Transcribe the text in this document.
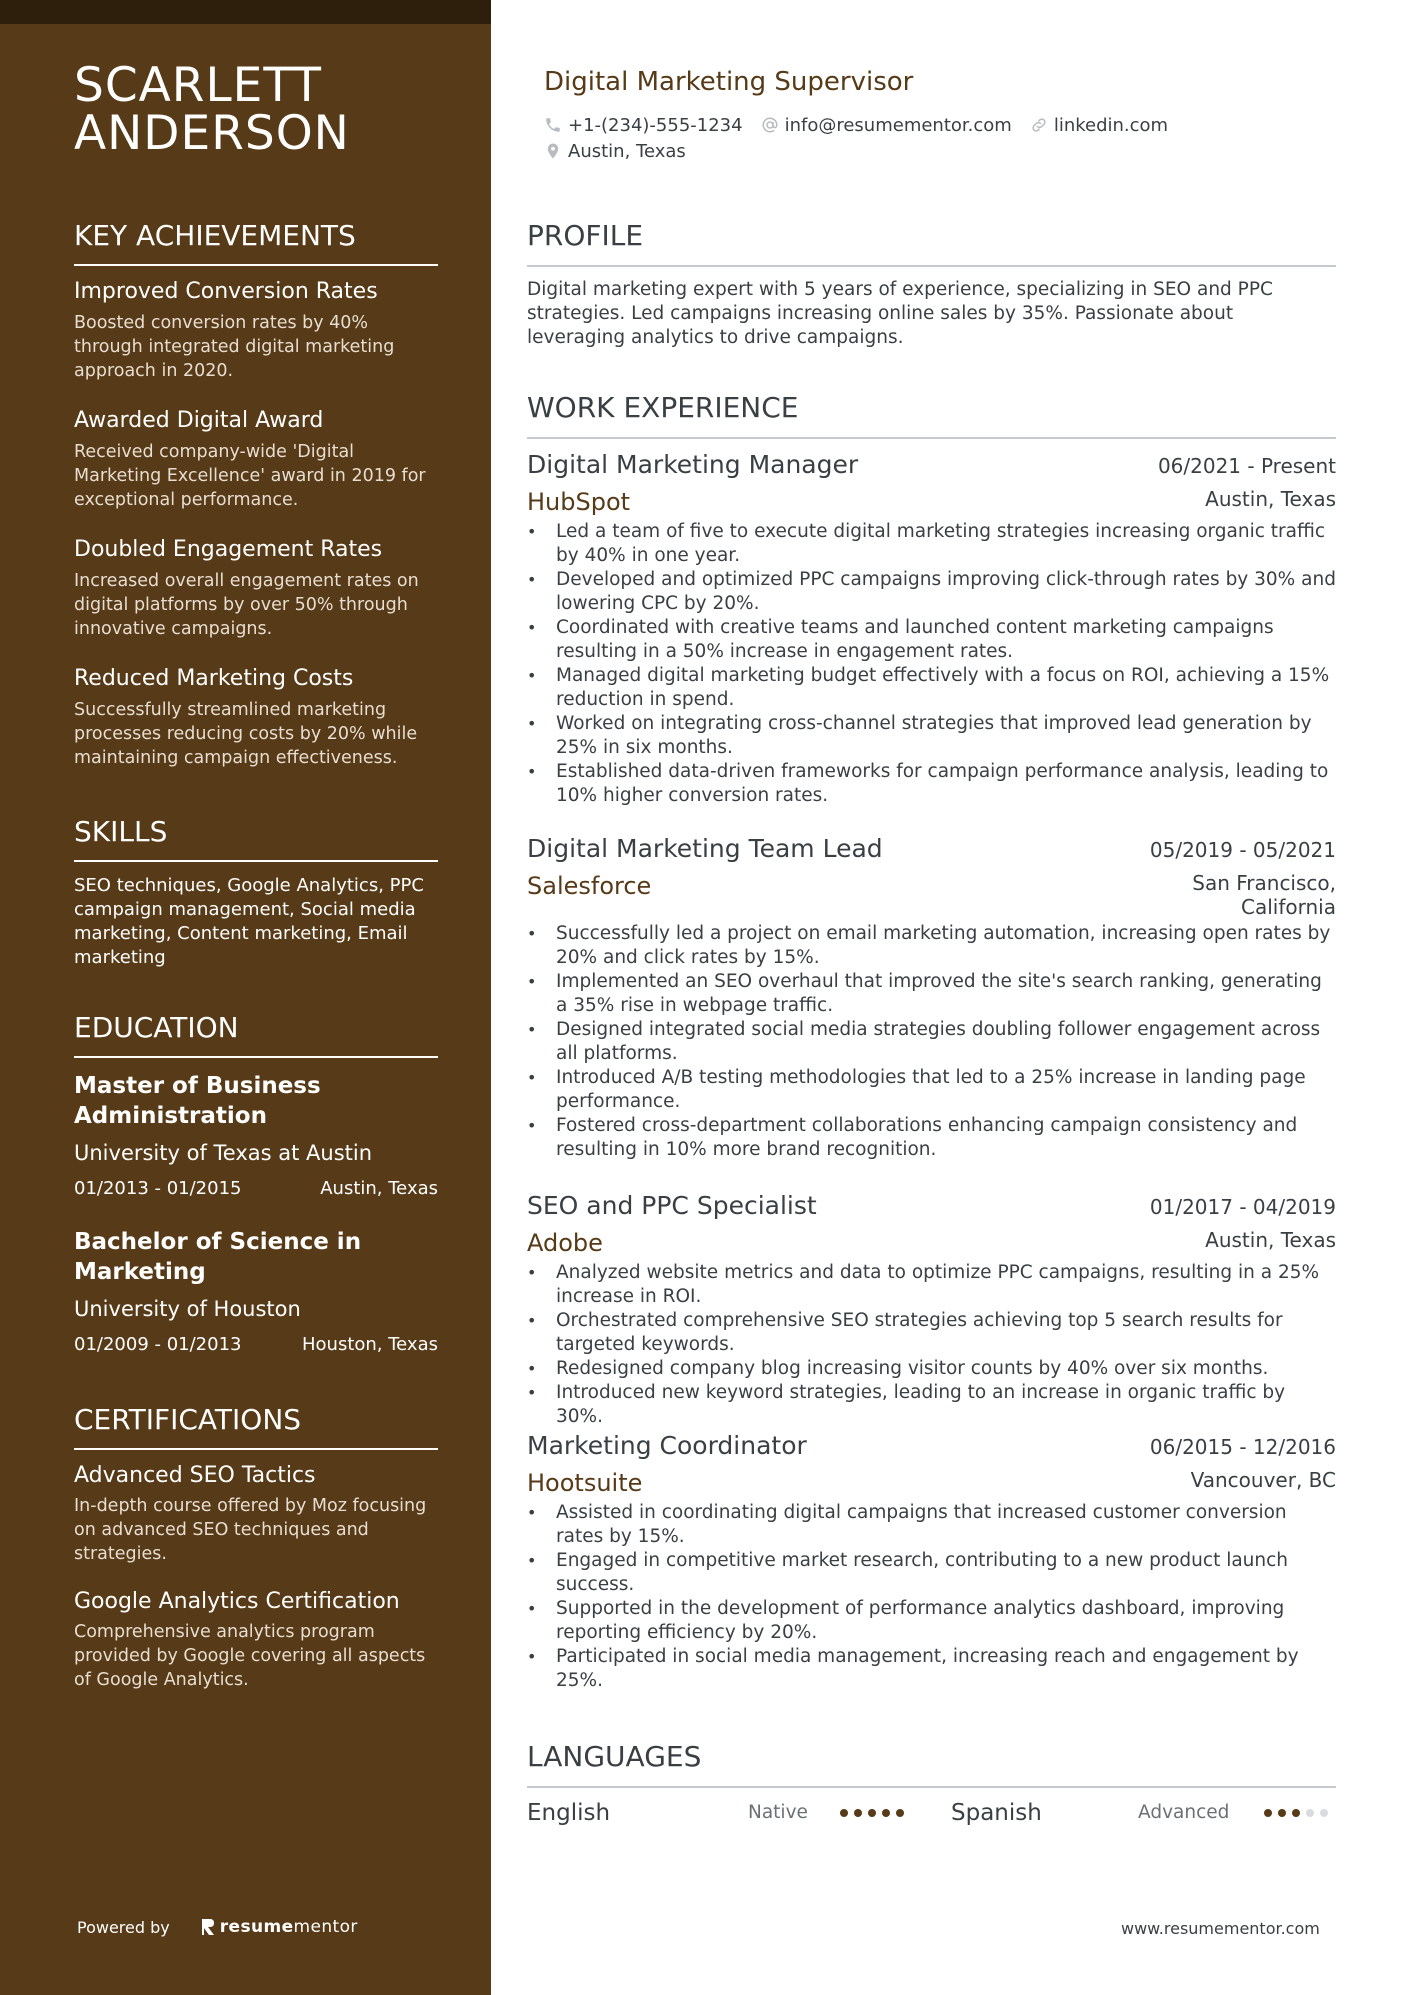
SCARLETT
ANDERSON
KEY ACHIEVEMENTS
Improved Conversion Rates
Boosted conversion rates by 40% through integrated digital marketing approach in 2020.
Awarded Digital Award
Received company-wide 'Digital Marketing Excellence' award in 2019 for exceptional performance.
Doubled Engagement Rates
Increased overall engagement rates on digital platforms by over 50% through innovative campaigns.
Reduced Marketing Costs
Successfully streamlined marketing processes reducing costs by 20% while maintaining campaign effectiveness.
SKILLS
SEO techniques, Google Analytics, PPC campaign management, Social media marketing, Content marketing, Email marketing
EDUCATION
Master of Business Administration
University of Texas at Austin
01/2013 - 01/2015	Austin, Texas
Bachelor of Science in Marketing
University of Houston
01/2009 - 01/2013	Houston, Texas
CERTIFICATIONS
Advanced SEO Tactics
In-depth course offered by Moz focusing on advanced SEO techniques and strategies.
Google Analytics Certification
Comprehensive analytics program provided by Google covering all aspects of Google Analytics.
Powered by	resume mentor
Digital Marketing Supervisor
+1-(234)-555-1234 info@resumementor.com linkedin.com
Austin, Texas
PROFILE
Digital marketing expert with 5 years of experience, specializing in SEO and PPC strategies. Led campaigns increasing online sales by 35%. Passionate about leveraging analytics to drive campaigns.
WORK EXPERIENCE
Digital Marketing Manager	06/2021 - Present
HubSpot	Austin, Texas
• Led a team of five to execute digital marketing strategies increasing organic traffic by 40% in one year.
• Developed and optimized PPC campaigns improving click-through rates by 30% and lowering CPC by 20%.
• Coordinated with creative teams and launched content marketing campaigns resulting in a 50% increase in engagement rates.
• Managed digital marketing budget effectively with a focus on ROI, achieving a 15% reduction in spend.
• Worked on integrating cross-channel strategies that improved lead generation by 25% in six months.
• Established data-driven frameworks for campaign performance analysis, leading to 10% higher conversion rates.
Digital Marketing Team Lead	05/2019 - 05/2021
Salesforce	San Francisco, California
• Successfully led a project on email marketing automation, increasing open rates by 20% and click rates by 15%.
• Implemented an SEO overhaul that improved the site's search ranking, generating a 35% rise in webpage traffic.
• Designed integrated social media strategies doubling follower engagement across all platforms.
• Introduced A/B testing methodologies that led to a 25% increase in landing page performance.
• Fostered cross-department collaborations enhancing campaign consistency and resulting in 10% more brand recognition.
SEO and PPC Specialist	01/2017 - 04/2019
Adobe	Austin, Texas
• Analyzed website metrics and data to optimize PPC campaigns, resulting in a 25% increase in ROI.
• Orchestrated comprehensive SEO strategies achieving top 5 search results for targeted keywords.
• Redesigned company blog increasing visitor counts by 40% over six months.
• Introduced new keyword strategies, leading to an increase in organic traffic by 30%.
Marketing Coordinator	06/2015 - 12/2016
Hootsuite	Vancouver, BC
• Assisted in coordinating digital campaigns that increased customer conversion rates by 15%.
• Engaged in competitive market research, contributing to a new product launch success.
• Supported in the development of performance analytics dashboard, improving reporting efficiency by 20%.
• Participated in social media management, increasing reach and engagement by 25%.
LANGUAGES
English	Native	Spanish	Advanced
www.resumementor.com
